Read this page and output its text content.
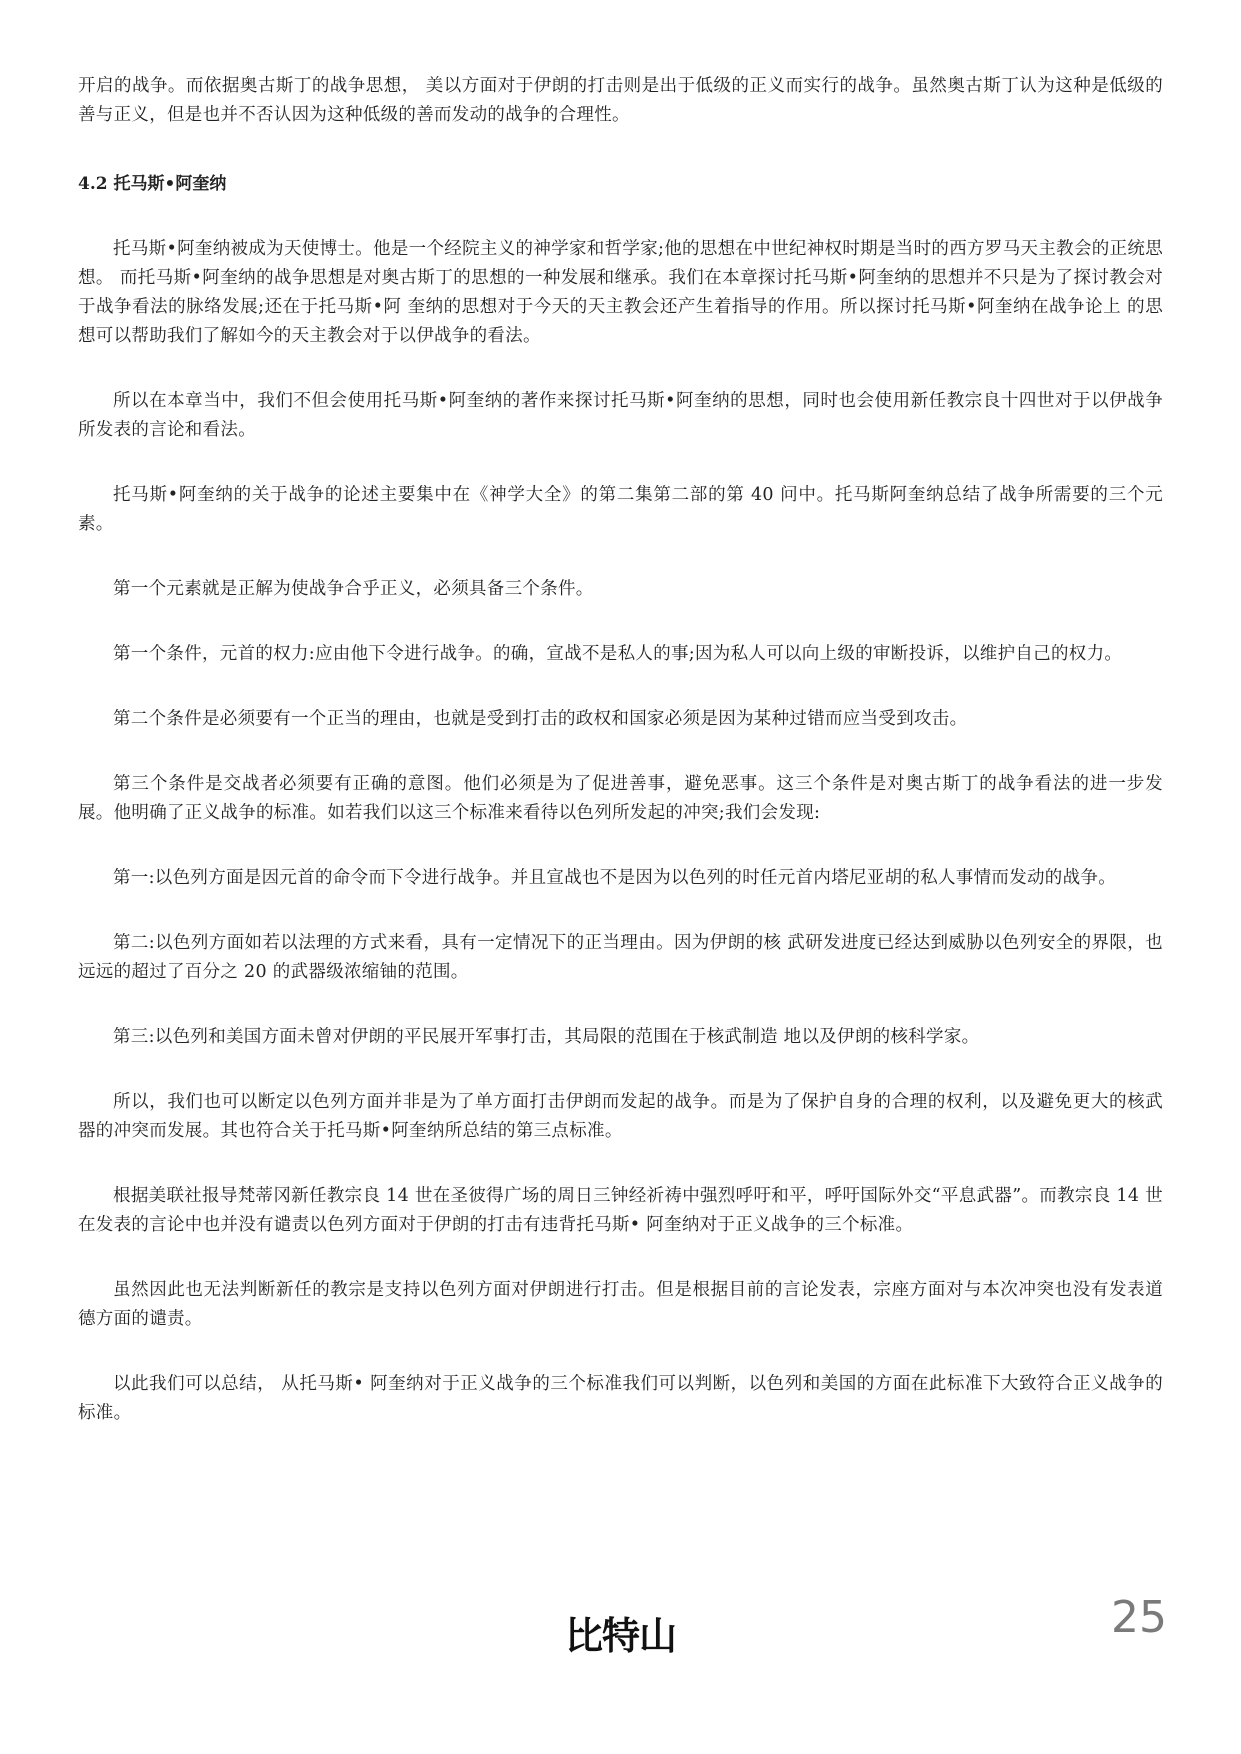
开启的战争。而依据奥古斯丁的战争思想， 美以方面对于伊朗的打击则是出于低级的正义而实行的战争。虽然奥古斯丁认为这种是低级的善与正义，但是也并不否认因为这种低级的善而发动的战争的合理性。

4.2 托马斯•阿奎纳

托马斯•阿奎纳被成为天使博士。他是一个经院主义的神学家和哲学家;他的思想在中世纪神权时期是当时的西方罗马天主教会的正统思想。 而托马斯•阿奎纳的战争思想是对奥古斯丁的思想的一种发展和继承。我们在本章探讨托马斯•阿奎纳的思想并不只是为了探讨教会对于战争看法的脉络发展;还在于托马斯•阿 奎纳的思想对于今天的天主教会还产生着指导的作用。所以探讨托马斯•阿奎纳在战争论上 的思想可以帮助我们了解如今的天主教会对于以伊战争的看法。

所以在本章当中，我们不但会使用托马斯•阿奎纳的著作来探讨托马斯•阿奎纳的思想，同时也会使用新任教宗良十四世对于以伊战争所发表的言论和看法。

托马斯•阿奎纳的关于战争的论述主要集中在《神学大全》的第二集第二部的第 40 问中。托马斯阿奎纳总结了战争所需要的三个元素。

第一个元素就是正解为使战争合乎正义，必须具备三个条件。

第一个条件，元首的权力:应由他下令进行战争。的确，宣战不是私人的事;因为私人可以向上级的审断投诉，以维护自己的权力。

第二个条件是必须要有一个正当的理由，也就是受到打击的政权和国家必须是因为某种过错而应当受到攻击。

第三个条件是交战者必须要有正确的意图。他们必须是为了促进善事，避免恶事。这三个条件是对奥古斯丁的战争看法的进一步发展。他明确了正义战争的标准。如若我们以这三个标准来看待以色列所发起的冲突;我们会发现:

第一:以色列方面是因元首的命令而下令进行战争。并且宣战也不是因为以色列的时任元首内塔尼亚胡的私人事情而发动的战争。

第二:以色列方面如若以法理的方式来看，具有一定情况下的正当理由。因为伊朗的核 武研发进度已经达到威胁以色列安全的界限，也远远的超过了百分之 20 的武器级浓缩铀的范围。

第三:以色列和美国方面未曾对伊朗的平民展开军事打击，其局限的范围在于核武制造 地以及伊朗的核科学家。

所以，我们也可以断定以色列方面并非是为了单方面打击伊朗而发起的战争。而是为了保护自身的合理的权利，以及避免更大的核武器的冲突而发展。其也符合关于托马斯•阿奎纳所总结的第三点标准。

根据美联社报导梵蒂冈新任教宗良 14 世在圣彼得广场的周日三钟经祈祷中强烈呼吁和平，呼吁国际外交“平息武器”。而教宗良 14 世在发表的言论中也并没有谴责以色列方面对于伊朗的打击有违背托马斯• 阿奎纳对于正义战争的三个标准。

虽然因此也无法判断新任的教宗是支持以色列方面对伊朗进行打击。但是根据目前的言论发表，宗座方面对与本次冲突也没有发表道德方面的谴责。

以此我们可以总结， 从托马斯• 阿奎纳对于正义战争的三个标准我们可以判断，以色列和美国的方面在此标准下大致符合正义战争的标准。

比特山	25
